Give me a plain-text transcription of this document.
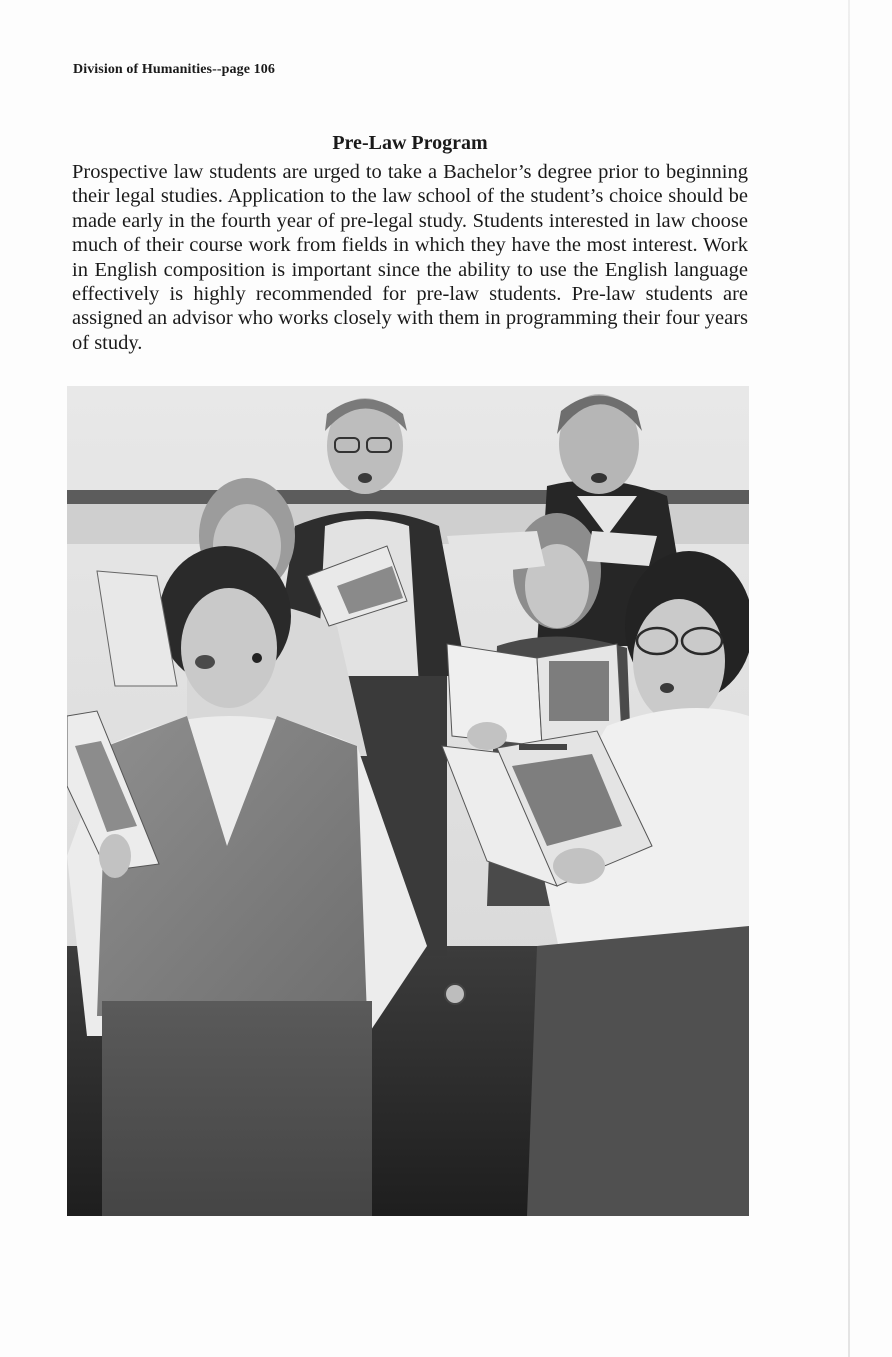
Division of Humanities--page 106
Pre-Law Program
Prospective law students are urged to take a Bachelor’s degree prior to beginning their legal studies. Application to the law school of the student’s choice should be made early in the fourth year of pre-legal study. Students interested in law choose much of their course work from fields in which they have the most interest. Work in English composition is important since the ability to use the English language effectively is highly recommended for pre-law students. Pre-law students are assigned an advisor who works closely with them in programming their four years of study.
